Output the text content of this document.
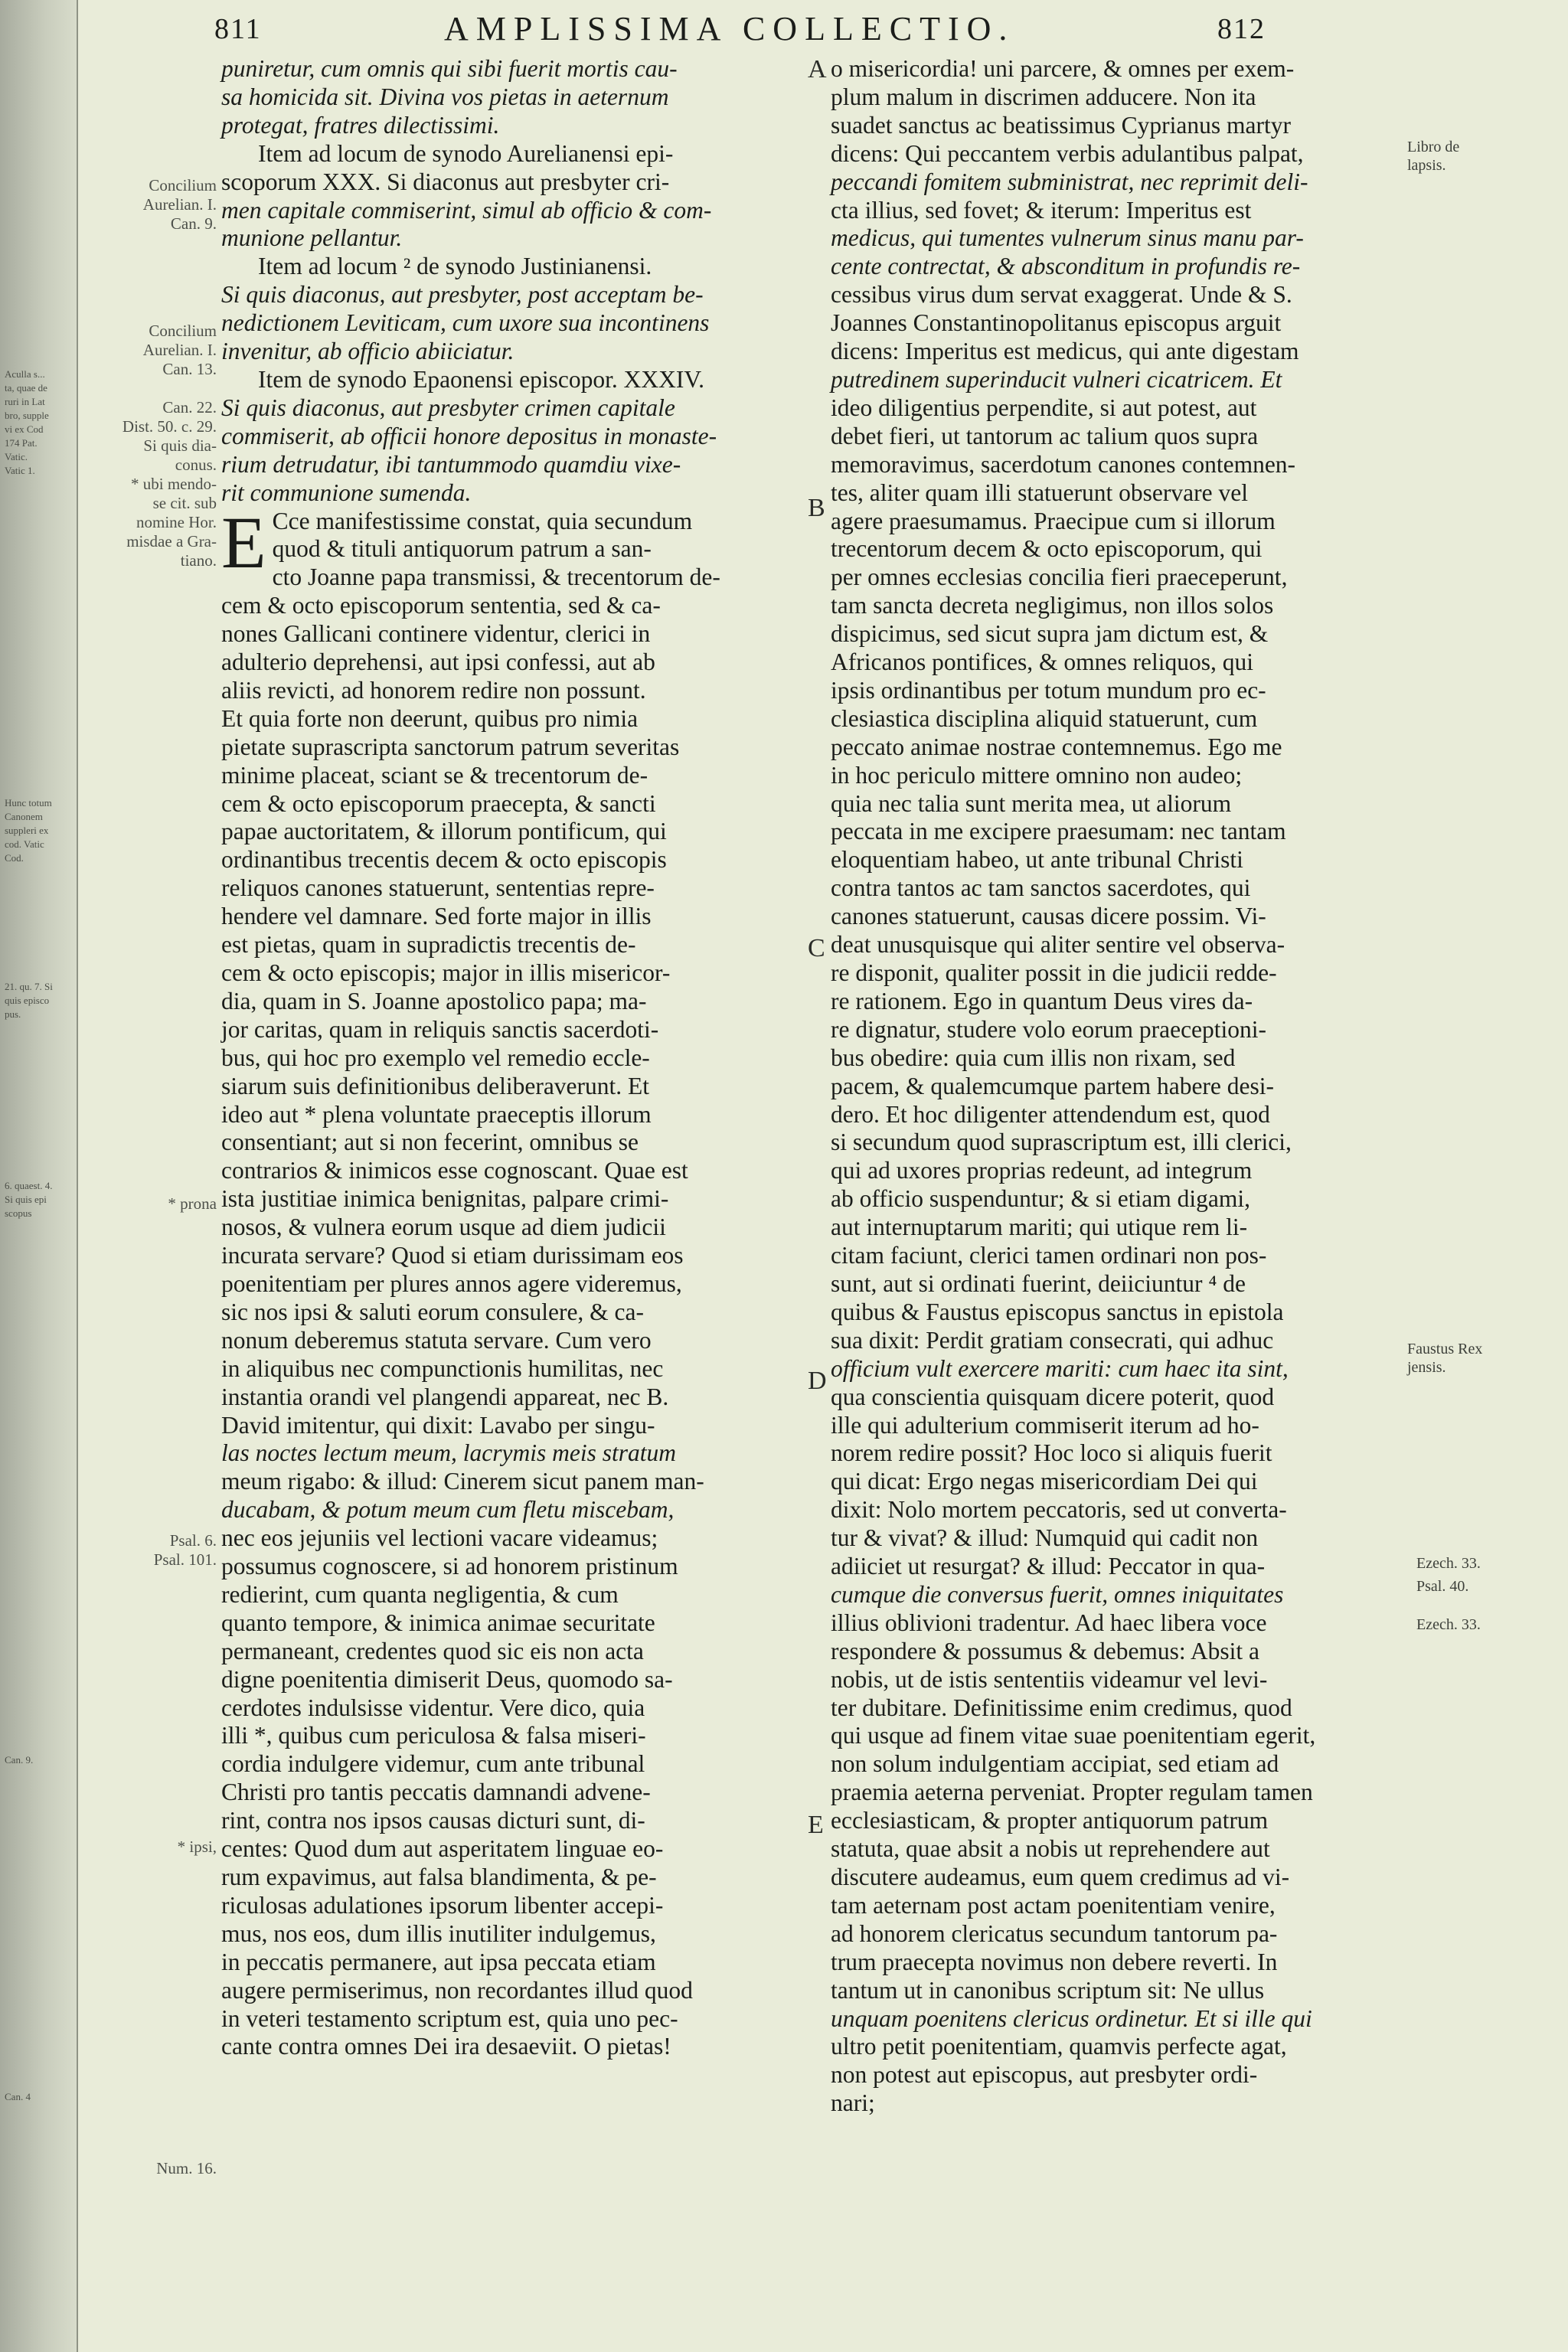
Aculla s...
ta, quae de
ruri in Lat
bro, supple
vi ex Cod
174 Pat.
Vatic.
Vatic 1.
Hunc totum
Canonem
suppleri ex
cod. Vatic
Cod.
21. qu. 7. Si
quis episco
pus.
6. quaest. 4.
Si quis epi
scopus
Can. 9.
Can. 4
811	AMPLISSIMA COLLECTIO.	812
Concilium
Aurelian. I.
Can. 9.
Concilium
Aurelian. I.
Can. 13.
Can. 22.
Dist. 50. c. 29.
Si quis dia-
conus.
* ubi mendo-
se cit. sub
nomine Hor.
misdae a Gra-
tiano.
* prona
Psal. 6.
Psal. 101.
* ipsi,
Num. 16.

puniretur, cum omnis qui sibi fuerit mortis cau-

sa homicida sit. Divina vos pietas in aeternum

protegat, fratres dilectissimi.

Item ad locum de synodo Aurelianensi epi-

scoporum XXX. Si diaconus aut presbyter cri-

men capitale commiserint, simul ab officio & com-

munione pellantur.

Item ad locum ² de synodo Justinianensi.

Si quis diaconus, aut presbyter, post acceptam be-

nedictionem Leviticam, cum uxore sua incontinens

invenitur, ab officio abiiciatur.

Item de synodo Epaonensi episcopor. XXXIV.

Si quis diaconus, aut presbyter crimen capitale

commiserit, ab officii honore depositus in monaste-

rium detrudatur, ibi tantummodo quamdiu vixe-

rit communione sumenda.

E Cce manifestissime constat, quia secundum

quod & tituli antiquorum patrum a san-

cto Joanne papa transmissi, & trecentorum de-

cem & octo episcoporum sententia, sed & ca-

nones Gallicani continere videntur, clerici in

adulterio deprehensi, aut ipsi confessi, aut ab

aliis revicti, ad honorem redire non possunt.

Et quia forte non deerunt, quibus pro nimia

pietate suprascripta sanctorum patrum severitas

minime placeat, sciant se & trecentorum de-

cem & octo episcoporum praecepta, & sancti

papae auctoritatem, & illorum pontificum, qui

ordinantibus trecentis decem & octo episcopis

reliquos canones statuerunt, sententias repre-

hendere vel damnare. Sed forte major in illis

est pietas, quam in supradictis trecentis de-

cem & octo episcopis; major in illis misericor-

dia, quam in S. Joanne apostolico papa; ma-

jor caritas, quam in reliquis sanctis sacerdoti-

bus, qui hoc pro exemplo vel remedio eccle-

siarum suis definitionibus deliberaverunt. Et

ideo aut * plena voluntate praeceptis illorum

consentiant; aut si non fecerint, omnibus se

contrarios & inimicos esse cognoscant. Quae est

ista justitiae inimica benignitas, palpare crimi-

nosos, & vulnera eorum usque ad diem judicii

incurata servare? Quod si etiam durissimam eos

poenitentiam per plures annos agere videremus,

sic nos ipsi & saluti eorum consulere, & ca-

nonum deberemus statuta servare. Cum vero

in aliquibus nec compunctionis humilitas, nec

instantia orandi vel plangendi appareat, nec B.

David imitentur, qui dixit: Lavabo per singu-

las noctes lectum meum, lacrymis meis stratum

meum rigabo: & illud: Cinerem sicut panem man-

ducabam, & potum meum cum fletu miscebam,

nec eos jejuniis vel lectioni vacare videamus;

possumus cognoscere, si ad honorem pristinum

redierint, cum quanta negligentia, & cum

quanto tempore, & inimica animae securitate

permaneant, credentes quod sic eis non acta

digne poenitentia dimiserit Deus, quomodo sa-

cerdotes indulsisse videntur. Vere dico, quia

illi *, quibus cum periculosa & falsa miseri-

cordia indulgere videmur, cum ante tribunal

Christi pro tantis peccatis damnandi advene-

rint, contra nos ipsos causas dicturi sunt, di-

centes: Quod dum aut asperitatem linguae eo-

rum expavimus, aut falsa blandimenta, & pe-

riculosas adulationes ipsorum libenter accepi-

mus, nos eos, dum illis inutiliter indulgemus,

in peccatis permanere, aut ipsa peccata etiam

augere permiserimus, non recordantes illud quod

in veteri testamento scriptum est, quia uno pec-

cante contra omnes Dei ira desaeviit. O pietas!

o misericordia! uni parcere, & omnes per exem-

plum malum in discrimen adducere. Non ita

suadet sanctus ac beatissimus Cyprianus martyr

dicens: Qui peccantem verbis adulantibus palpat,

peccandi fomitem subministrat, nec reprimit deli-

cta illius, sed fovet; & iterum: Imperitus est

medicus, qui tumentes vulnerum sinus manu par-

cente contrectat, & absconditum in profundis re-

cessibus virus dum servat exaggerat. Unde & S.

Joannes Constantinopolitanus episcopus arguit

dicens: Imperitus est medicus, qui ante digestam

putredinem superinducit vulneri cicatricem. Et

ideo diligentius perpendite, si aut potest, aut

debet fieri, ut tantorum ac talium quos supra

memoravimus, sacerdotum canones contemnen-

tes, aliter quam illi statuerunt observare vel

agere praesumamus. Praecipue cum si illorum

trecentorum decem & octo episcoporum, qui

per omnes ecclesias concilia fieri praeceperunt,

tam sancta decreta negligimus, non illos solos

dispicimus, sed sicut supra jam dictum est, &

Africanos pontifices, & omnes reliquos, qui

ipsis ordinantibus per totum mundum pro ec-

clesiastica disciplina aliquid statuerunt, cum

peccato animae nostrae contemnemus. Ego me

in hoc periculo mittere omnino non audeo;

quia nec talia sunt merita mea, ut aliorum

peccata in me excipere praesumam: nec tantam

eloquentiam habeo, ut ante tribunal Christi

contra tantos ac tam sanctos sacerdotes, qui

canones statuerunt, causas dicere possim. Vi-

deat unusquisque qui aliter sentire vel observa-

re disponit, qualiter possit in die judicii redde-

re rationem. Ego in quantum Deus vires da-

re dignatur, studere volo eorum praeceptioni-

bus obedire: quia cum illis non rixam, sed

pacem, & qualemcumque partem habere desi-

dero. Et hoc diligenter attendendum est, quod

si secundum quod suprascriptum est, illi clerici,

qui ad uxores proprias redeunt, ad integrum

ab officio suspenduntur; & si etiam digami,

aut internuptarum mariti; qui utique rem li-

citam faciunt, clerici tamen ordinari non pos-

sunt, aut si ordinati fuerint, deiiciuntur ⁴ de

quibus & Faustus episcopus sanctus in epistola

sua dixit: Perdit gratiam consecrati, qui adhuc

officium vult exercere mariti: cum haec ita sint,

qua conscientia quisquam dicere poterit, quod

ille qui adulterium commiserit iterum ad ho-

norem redire possit? Hoc loco si aliquis fuerit

qui dicat: Ergo negas misericordiam Dei qui

dixit: Nolo mortem peccatoris, sed ut converta-

tur & vivat? & illud: Numquid qui cadit non

adiiciet ut resurgat? & illud: Peccator in qua-

cumque die conversus fuerit, omnes iniquitates

illius oblivioni tradentur. Ad haec libera voce

respondere & possumus & debemus: Absit a

nobis, ut de istis sententiis videamur vel levi-

ter dubitare. Definitissime enim credimus, quod

qui usque ad finem vitae suae poenitentiam egerit,

non solum indulgentiam accipiat, sed etiam ad

praemia aeterna perveniat. Propter regulam tamen

ecclesiasticam, & propter antiquorum patrum

statuta, quae absit a nobis ut reprehendere aut

discutere audeamus, eum quem credimus ad vi-

tam aeternam post actam poenitentiam venire,

ad honorem clericatus secundum tantorum pa-

trum praecepta novimus non debere reverti. In

tantum ut in canonibus scriptum sit: Ne ullus

unquam poenitens clericus ordinetur. Et si ille qui

ultro petit poenitentiam, quamvis perfecte agat,

non potest aut episcopus, aut presbyter ordi-

nari;

A
B
C
D
E
Libro de
lapsis.
Faustus Rex
jensis.
Ezech. 33.
Psal. 40.
Ezech. 33.
